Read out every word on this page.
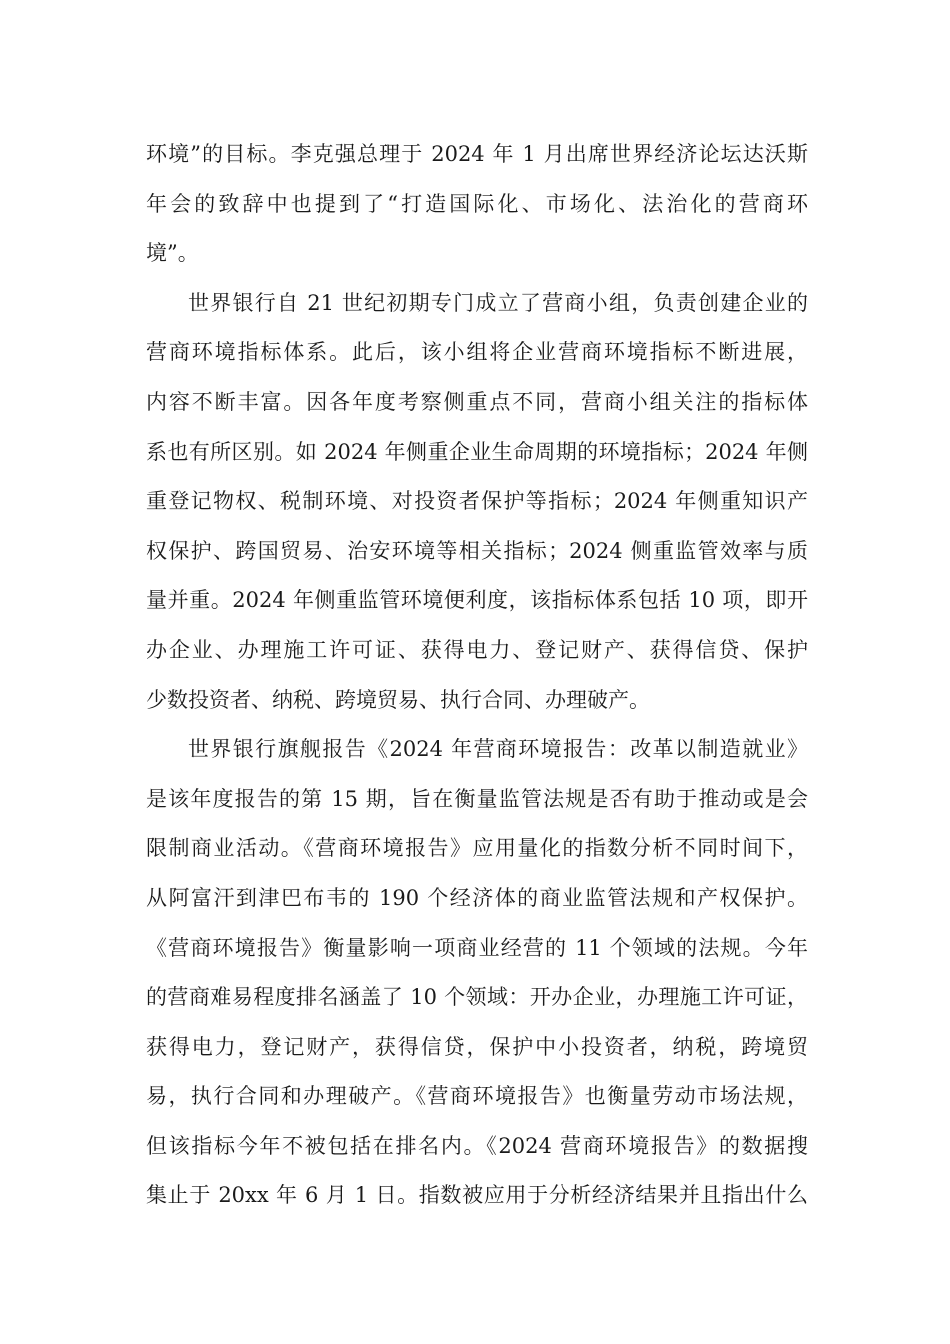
环境”的目标。李克强总理于 2024 年 1 月出席世界经济论坛达沃斯
年会的致辞中也提到了“打造国际化、市场化、法治化的营商环
境”。
世界银行自 21 世纪初期专门成立了营商小组，负责创建企业的
营商环境指标体系。此后，该小组将企业营商环境指标不断进展，
内容不断丰富。因各年度考察侧重点不同，营商小组关注的指标体
系也有所区别。如 2024 年侧重企业生命周期的环境指标；2024 年侧
重登记物权、税制环境、对投资者保护等指标；2024 年侧重知识产
权保护、跨国贸易、治安环境等相关指标；2024 侧重监管效率与质
量并重。2024 年侧重监管环境便利度，该指标体系包括 10 项，即开
办企业、办理施工许可证、获得电力、登记财产、获得信贷、保护
少数投资者、纳税、跨境贸易、执行合同、办理破产。
世界银行旗舰报告《2024 年营商环境报告：改革以制造就业》
是该年度报告的第 15 期，旨在衡量监管法规是否有助于推动或是会
限制商业活动。《营商环境报告》应用量化的指数分析不同时间下，
从阿富汗到津巴布韦的 190 个经济体的商业监管法规和产权保护。
《营商环境报告》衡量影响一项商业经营的 11 个领域的法规。今年
的营商难易程度排名涵盖了 10 个领域：开办企业，办理施工许可证，
获得电力，登记财产，获得信贷，保护中小投资者，纳税，跨境贸
易，执行合同和办理破产。《营商环境报告》也衡量劳动市场法规，
但该指标今年不被包括在排名内。《2024 营商环境报告》的数据搜
集止于 20xx 年 6 月 1 日。指数被应用于分析经济结果并且指出什么
